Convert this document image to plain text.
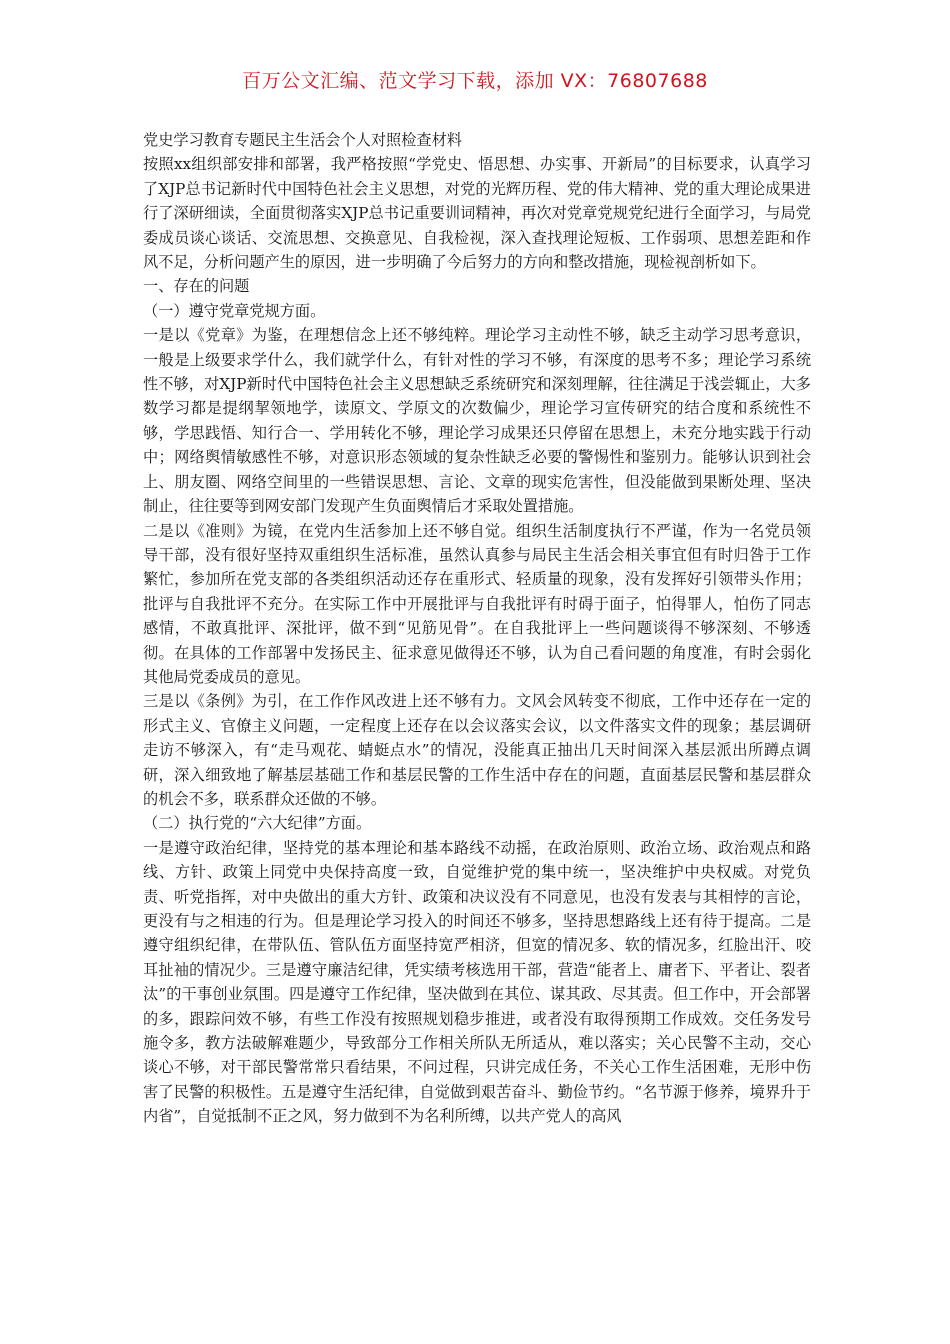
百万公文汇编、范文学习下载，添加 VX：76807688

党史学习教育专题民主生活会个人对照检查材料

按照xx组织部安排和部署，我严格按照“学党史、悟思想、办实事、开新局”的目标要求，认真学习了XJP总书记新时代中国特色社会主义思想，对党的光辉历程、党的伟大精神、党的重大理论成果进行了深研细读，全面贯彻落实XJP总书记重要训词精神，再次对党章党规党纪进行全面学习，与局党委成员谈心谈话、交流思想、交换意见、自我检视，深入查找理论短板、工作弱项、思想差距和作风不足，分析问题产生的原因，进一步明确了今后努力的方向和整改措施，现检视剖析如下。

一、存在的问题

（一）遵守党章党规方面。

一是以《党章》为鉴，在理想信念上还不够纯粹。理论学习主动性不够，缺乏主动学习思考意识，一般是上级要求学什么，我们就学什么，有针对性的学习不够，有深度的思考不多；理论学习系统性不够，对XJP新时代中国特色社会主义思想缺乏系统研究和深刻理解，往往满足于浅尝辄止，大多数学习都是提纲挈领地学，读原文、学原文的次数偏少，理论学习宣传研究的结合度和系统性不够，学思践悟、知行合一、学用转化不够，理论学习成果还只停留在思想上，未充分地实践于行动中；网络舆情敏感性不够，对意识形态领域的复杂性缺乏必要的警惕性和鉴别力。能够认识到社会上、朋友圈、网络空间里的一些错误思想、言论、文章的现实危害性，但没能做到果断处理、坚决制止，往往要等到网安部门发现产生负面舆情后才采取处置措施。

二是以《准则》为镜，在党内生活参加上还不够自觉。组织生活制度执行不严谨，作为一名党员领导干部，没有很好坚持双重组织生活标准，虽然认真参与局民主生活会相关事宜但有时归咎于工作繁忙，参加所在党支部的各类组织活动还存在重形式、轻质量的现象，没有发挥好引领带头作用；批评与自我批评不充分。在实际工作中开展批评与自我批评有时碍于面子，怕得罪人，怕伤了同志感情，不敢真批评、深批评，做不到“见筋见骨”。在自我批评上一些问题谈得不够深刻、不够透彻。在具体的工作部署中发扬民主、征求意见做得还不够，认为自己看问题的角度准，有时会弱化其他局党委成员的意见。

三是以《条例》为引，在工作作风改进上还不够有力。文风会风转变不彻底，工作中还存在一定的形式主义、官僚主义问题，一定程度上还存在以会议落实会议，以文件落实文件的现象；基层调研走访不够深入，有“走马观花、蜻蜓点水”的情况，没能真正抽出几天时间深入基层派出所蹲点调研，深入细致地了解基层基础工作和基层民警的工作生活中存在的问题，直面基层民警和基层群众的机会不多，联系群众还做的不够。

（二）执行党的“六大纪律”方面。

一是遵守政治纪律，坚持党的基本理论和基本路线不动摇，在政治原则、政治立场、政治观点和路线、方针、政策上同党中央保持高度一致，自觉维护党的集中统一，坚决维护中央权威。对党负责、听党指挥，对中央做出的重大方针、政策和决议没有不同意见，也没有发表与其相悖的言论，更没有与之相违的行为。但是理论学习投入的时间还不够多，坚持思想路线上还有待于提高。二是遵守组织纪律，在带队伍、管队伍方面坚持宽严相济，但宽的情况多、软的情况多，红脸出汗、咬耳扯袖的情况少。三是遵守廉洁纪律，凭实绩考核选用干部，营造“能者上、庸者下、平者让、裂者汰”的干事创业氛围。四是遵守工作纪律，坚决做到在其位、谋其政、尽其责。但工作中，开会部署的多，跟踪问效不够，有些工作没有按照规划稳步推进，或者没有取得预期工作成效。交任务发号施令多，教方法破解难题少，导致部分工作相关所队无所适从，难以落实；关心民警不主动，交心谈心不够，对干部民警常常只看结果，不问过程，只讲完成任务，不关心工作生活困难，无形中伤害了民警的积极性。五是遵守生活纪律，自觉做到艰苦奋斗、勤俭节约。“名节源于修养，境界升于内省”，自觉抵制不正之风，努力做到不为名利所缚，以共产党人的高风
